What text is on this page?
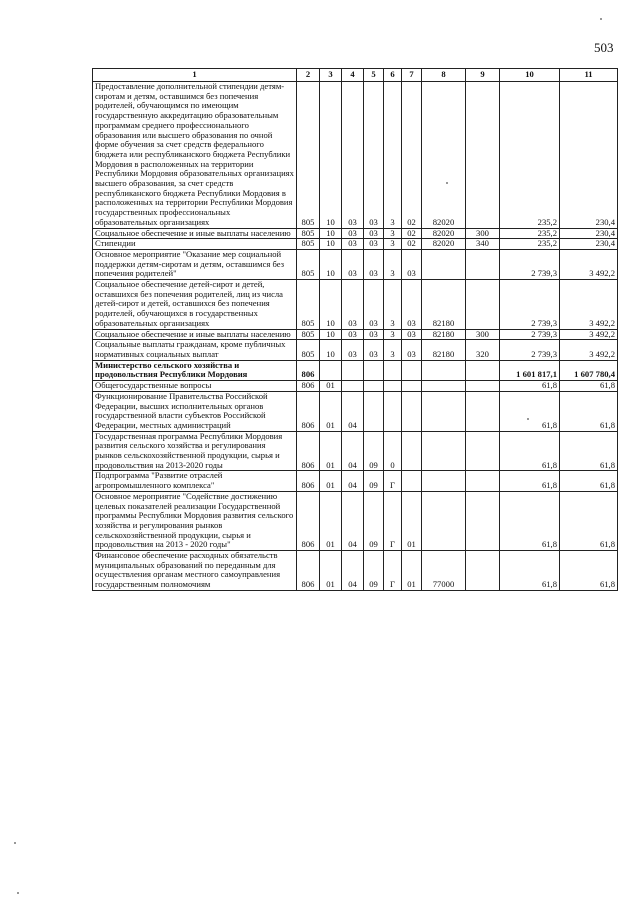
503
1	2	3	4	5	6	7	8	9	10	11
Предоставление дополнительной стипендии детям-сиротам и детям, оставшимся без попечения родителей, обучающимся по имеющим государственную аккредитацию образовательным программам среднего профессионального образования или высшего образования по очной форме обучения за счет средств федерального бюджета или республиканского бюджета Республики Мордовия в расположенных на территории Республики Мордовия образовательных организациях высшего образования, за счет средств республиканского бюджета Республики Мордовия в расположенных на территории Республики Мордовия государственных профессиональных образовательных организациях	805	10	03	03	3	02	82020		235,2	230,4
Социальное обеспечение и иные выплаты населению	805	10	03	03	3	02	82020	300	235,2	230,4
Стипендии	805	10	03	03	3	02	82020	340	235,2	230,4
Основное мероприятие "Оказание мер социальной поддержки детям-сиротам и детям, оставшимся без попечения родителей"	805	10	03	03	3	03			2 739,3	3 492,2
Социальное обеспечение детей-сирот и детей, оставшихся без попечения родителей, лиц из числа детей-сирот и детей, оставшихся без попечения родителей, обучающихся в государственных образовательных организациях	805	10	03	03	3	03	82180		2 739,3	3 492,2
Социальное обеспечение и иные выплаты населению	805	10	03	03	3	03	82180	300	2 739,3	3 492,2
Социальные выплаты гражданам, кроме публичных нормативных социальных выплат	805	10	03	03	3	03	82180	320	2 739,3	3 492,2
Министерство сельского хозяйства и продовольствия Республики Мордовия	806								1 601 817,1	1 607 780,4
Общегосударственные вопросы	806	01							61,8	61,8
Функционирование Правительства Российской Федерации, высших исполнительных органов государственной власти субъектов Российской Федерации, местных администраций	806	01	04						61,8	61,8
Государственная программа Республики Мордовия развития сельского хозяйства и регулирования рынков сельскохозяйственной продукции, сырья и продовольствия на 2013-2020 годы	806	01	04	09	0				61,8	61,8
Подпрограмма "Развитие отраслей агропромышленного комплекса"	806	01	04	09	Г				61,8	61,8
Основное мероприятие "Содействие достижению целевых показателей реализации Государственной программы Республики Мордовия развития сельского хозяйства и регулирования рынков сельскохозяйственной продукции, сырья и продовольствия на 2013 - 2020 годы"	806	01	04	09	Г	01			61,8	61,8
Финансовое обеспечение расходных обязательств муниципальных образований по переданным для осуществления органам местного самоуправления государственным полномочиям	806	01	04	09	Г	01	77000		61,8	61,8
